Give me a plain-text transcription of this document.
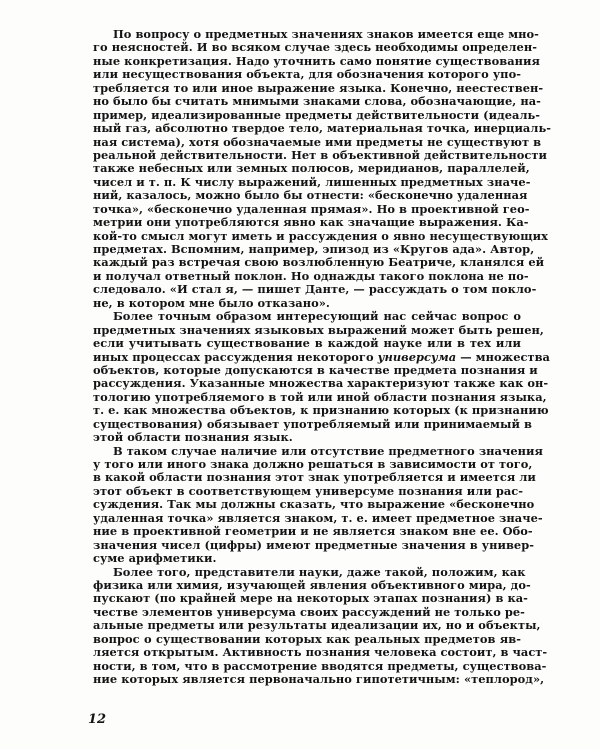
По вопросу о предметных значениях знаков имеется еще мно-
го неясностей. И во всяком случае здесь необходимы определен-
ные конкретизация. Надо уточнить само понятие существования
или несуществования объекта, для обозначения которого упо-
требляется то или иное выражение языка. Конечно, неестествен-
но было бы считать мнимыми знаками слова, обозначающие, на-
пример, идеализированные предметы действительности (идеаль-
ный газ, абсолютно твердое тело, материальная точка, инерциаль-
ная система), хотя обозначаемые ими предметы не существуют в
реальной действительности. Нет в объективной действительности
также небесных или земных полюсов, меридианов, параллелей,
чисел и т. п. К числу выражений, лишенных предметных значе-
ний, казалось, можно было бы отнести: «бесконечно удаленная
точка», «бесконечно удаленная прямая». Но в проективной гео-
метрии они употребляются явно как значащие выражения. Ка-
кой-то смысл могут иметь и рассуждения о явно несуществующих
предметах. Вспомним, например, эпизод из «Кругов ада». Автор,
каждый раз встречая свою возлюбленную Беатриче, кланялся ей
и получал ответный поклон. Но однажды такого поклона не по-
следовало. «И стал я, — пишет Данте, — рассуждать о том покло-
не, в котором мне было отказано».
Более точным образом интересующий нас сейчас вопрос о
предметных значениях языковых выражений может быть решен,
если учитывать существование в каждой науке или в тех или
иных процессах рассуждения некоторого универсума — множества
объектов, которые допускаются в качестве предмета познания и
рассуждения. Указанные множества характеризуют также как он-
тологию употребляемого в той или иной области познания языка,
т. е. как множества объектов, к признанию которых (к признанию
существования) обязывает употребляемый или принимаемый в
этой области познания язык.
В таком случае наличие или отсутствие предметного значения
у того или иного знака должно решаться в зависимости от того,
в какой области познания этот знак употребляется и имеется ли
этот объект в соответствующем универсуме познания или рас-
суждения. Так мы должны сказать, что выражение «бесконечно
удаленная точка» является знаком, т. е. имеет предметное значе-
ние в проективной геометрии и не является знаком вне ее. Обо-
значения чисел (цифры) имеют предметные значения в универ-
суме арифметики.
Более того, представители науки, даже такой, положим, как
физика или химия, изучающей явления объективного мира, до-
пускают (по крайней мере на некоторых этапах познания) в ка-
честве элементов универсума своих рассуждений не только ре-
альные предметы или результаты идеализации их, но и объекты,
вопрос о существовании которых как реальных предметов яв-
ляется открытым. Активность познания человека состоит, в част-
ности, в том, что в рассмотрение вводятся предметы, существова-
ние которых является первоначально гипотетичным: «теплород»,
12
